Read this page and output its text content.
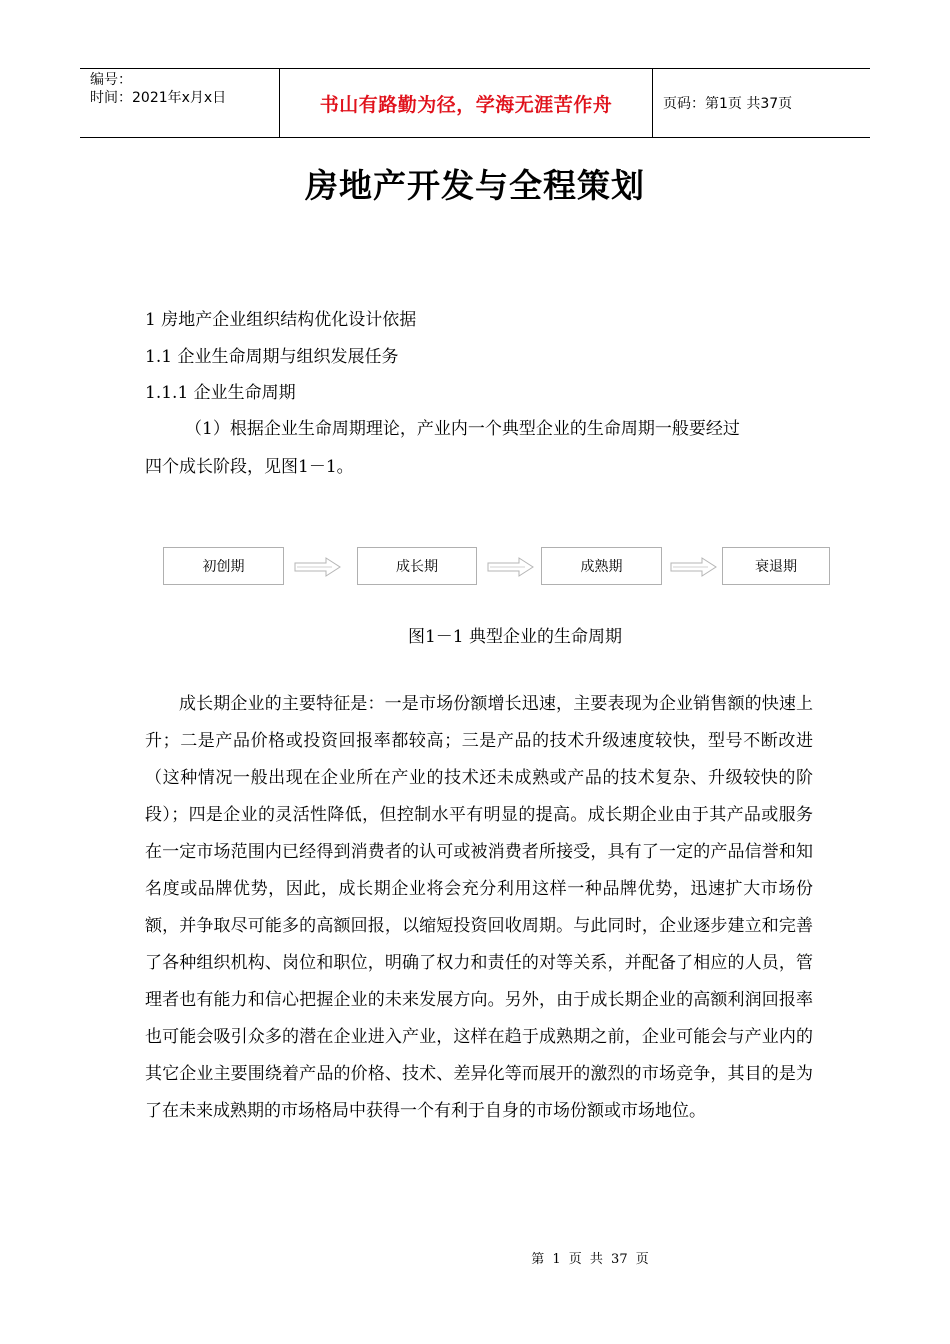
编号：
时间：2021年x月x日	书山有路勤为径，学海无涯苦作舟	页码：第1页 共37页
房地产开发与全程策划
1 房地产企业组织结构优化设计依据
1.1 企业生命周期与组织发展任务
1.1.1 企业生命周期
（1）根据企业生命周期理论，产业内一个典型企业的生命周期一般要经过
四个成长阶段，见图1－1。
初创期	成长期	成熟期	衰退期
图1－1 典型企业的生命周期
成长期企业的主要特征是：一是市场份额增长迅速，主要表现为企业销售额的快速上升；二是产品价格或投资回报率都较高；三是产品的技术升级速度较快，型号不断改进（这种情况一般出现在企业所在产业的技术还未成熟或产品的技术复杂、升级较快的阶段）；四是企业的灵活性降低，但控制水平有明显的提高。成长期企业由于其产品或服务在一定市场范围内已经得到消费者的认可或被消费者所接受，具有了一定的产品信誉和知名度或品牌优势，因此，成长期企业将会充分利用这样一种品牌优势，迅速扩大市场份额，并争取尽可能多的高额回报，以缩短投资回收周期。与此同时，企业逐步建立和完善了各种组织机构、岗位和职位，明确了权力和责任的对等关系，并配备了相应的人员，管理者也有能力和信心把握企业的未来发展方向。另外，由于成长期企业的高额利润回报率也可能会吸引众多的潜在企业进入产业，这样在趋于成熟期之前，企业可能会与产业内的其它企业主要围绕着产品的价格、技术、差异化等而展开的激烈的市场竞争，其目的是为了在未来成熟期的市场格局中获得一个有利于自身的市场份额或市场地位。
第 1 页 共 37 页
